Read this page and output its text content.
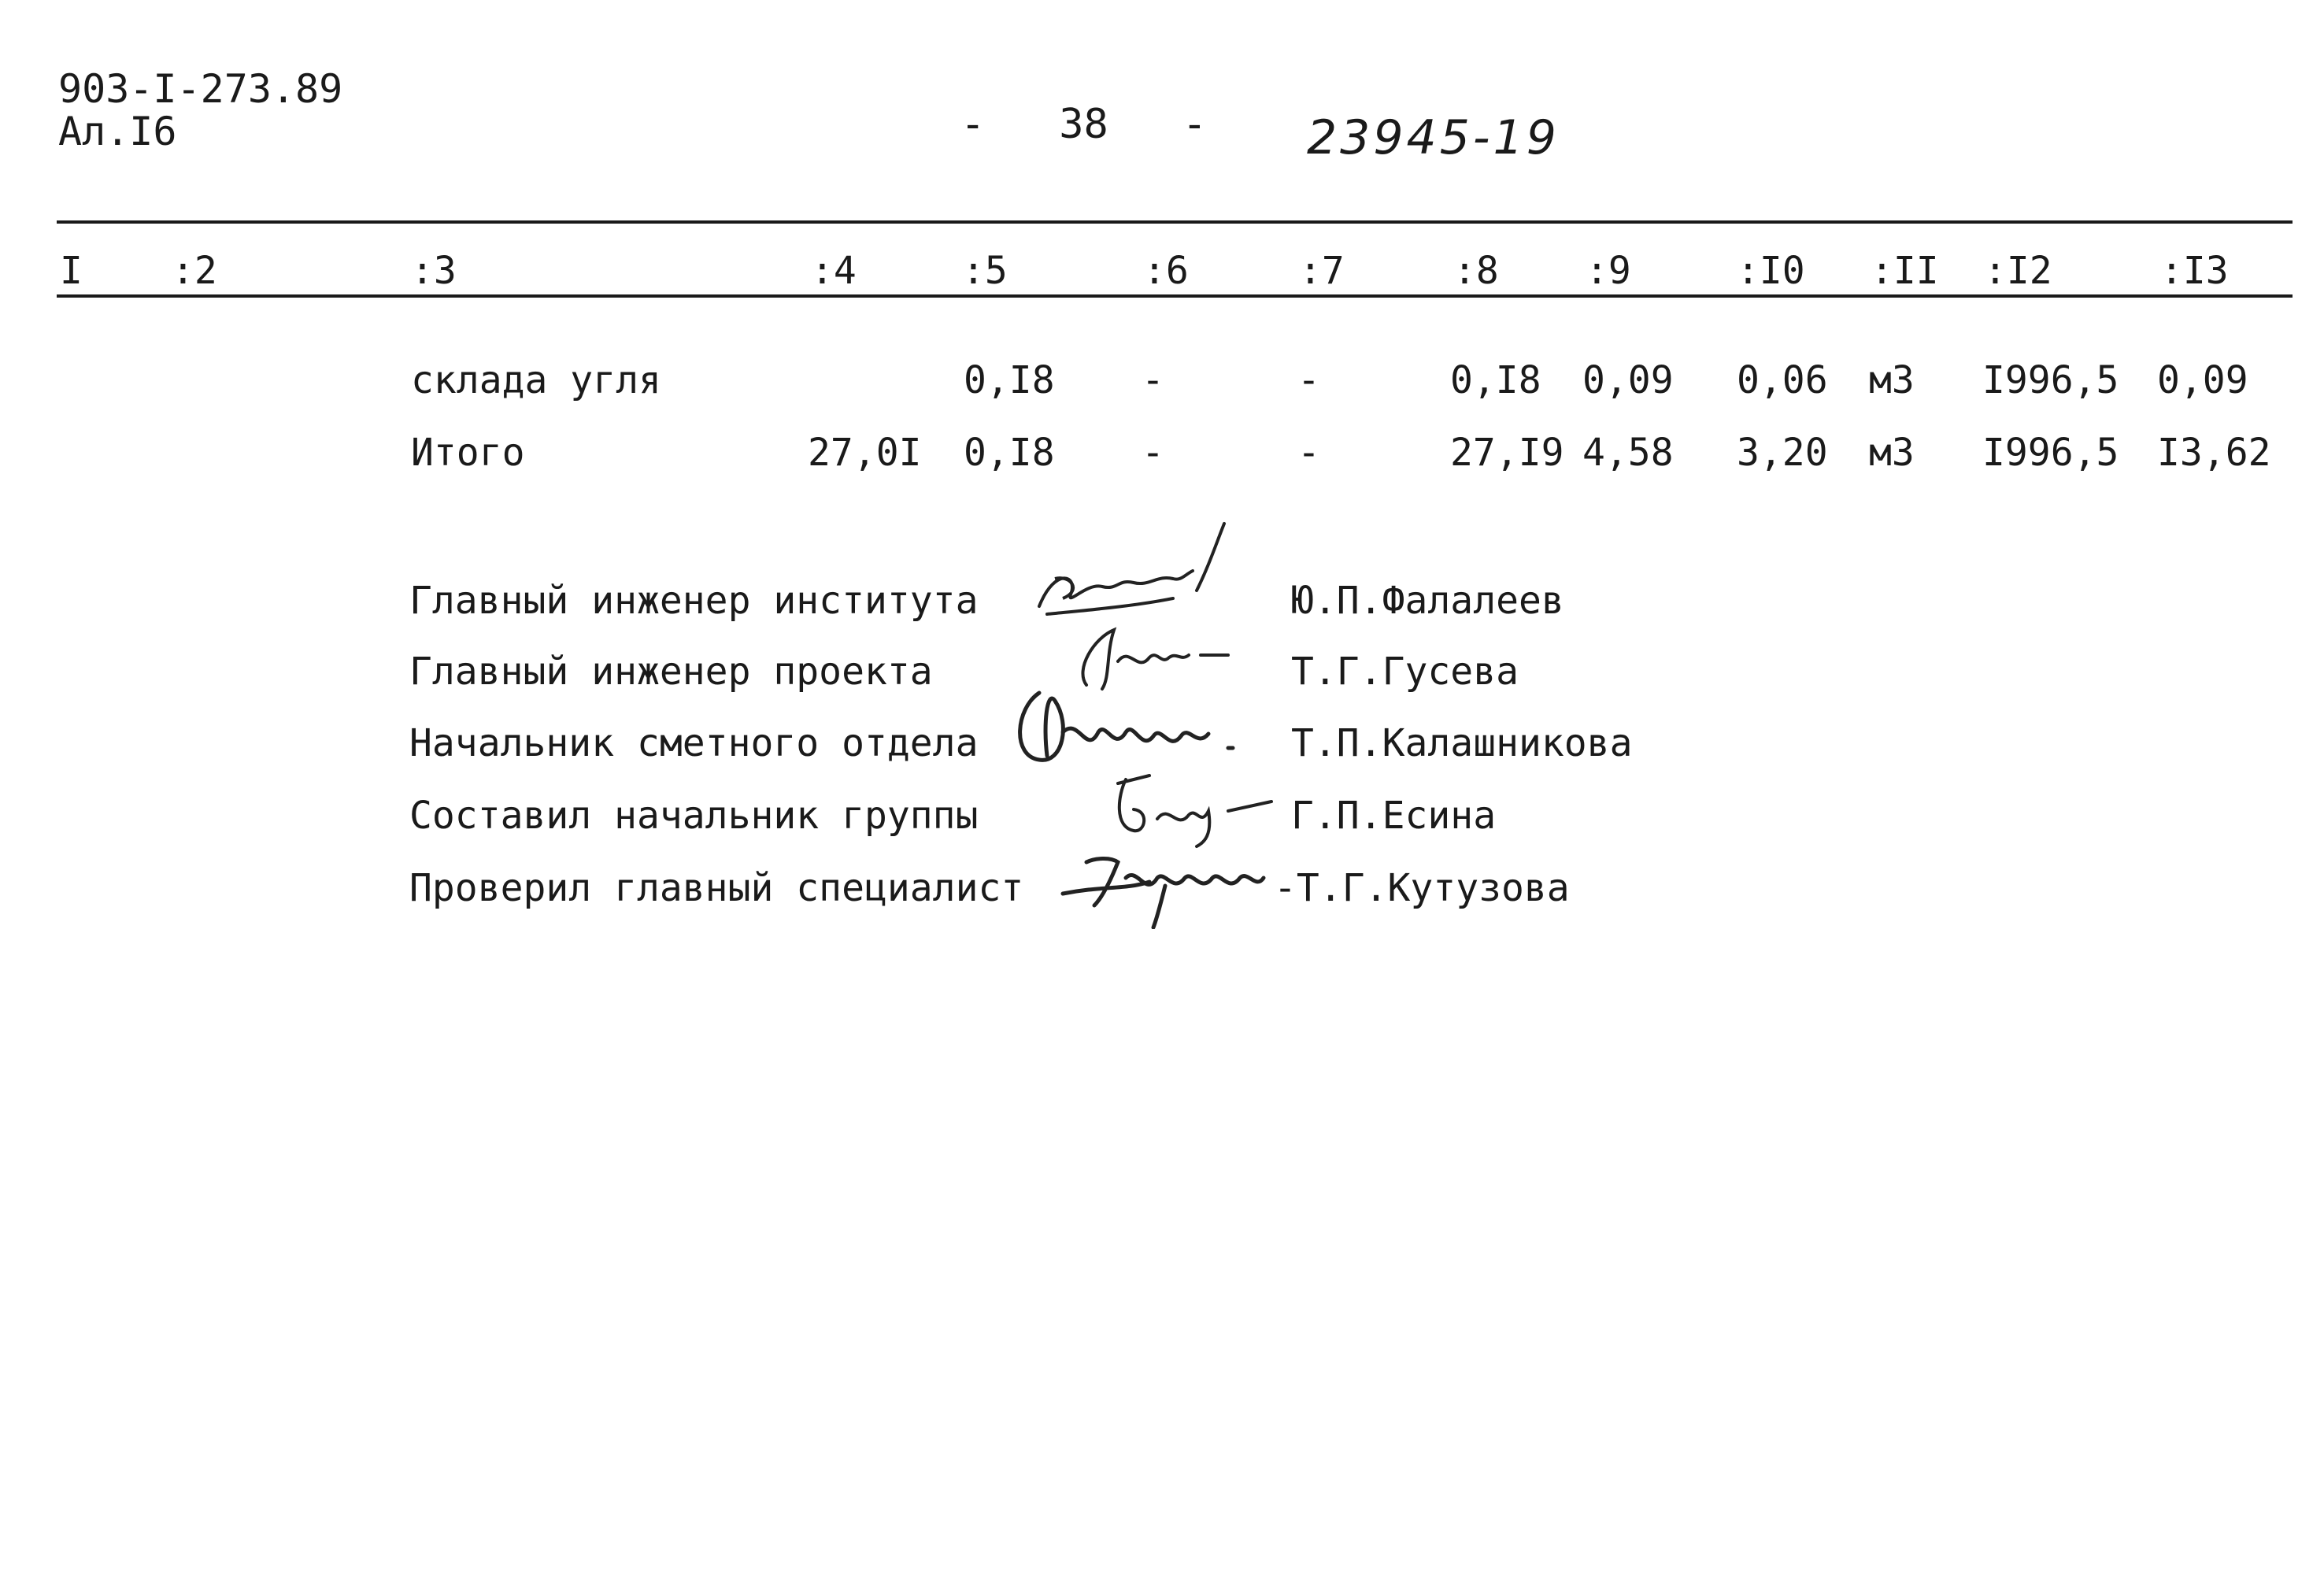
903-I-273.89
Ал.I6	-   38   - 23945-19
I :2	:3	:4	:5	:6	:7	:8 :9	:I0 :II :I2	:I3
склада угля	0,I8 -	-	0,I8 0,09 0,06 м3 I996,5 0,09
Итого	27,0I 0,I8 -	-	27,I9 4,58 3,20 м3 I996,5 I3,62
Главный инженер института	Ю.П.Фалалеев
Главный инженер проекта	Т.Г.Гусева
Начальник сметного отдела	Т.П.Калашникова
Составил начальник группы	Г.П.Есина
Проверил главный специалист	-Т.Г.Кутузова
